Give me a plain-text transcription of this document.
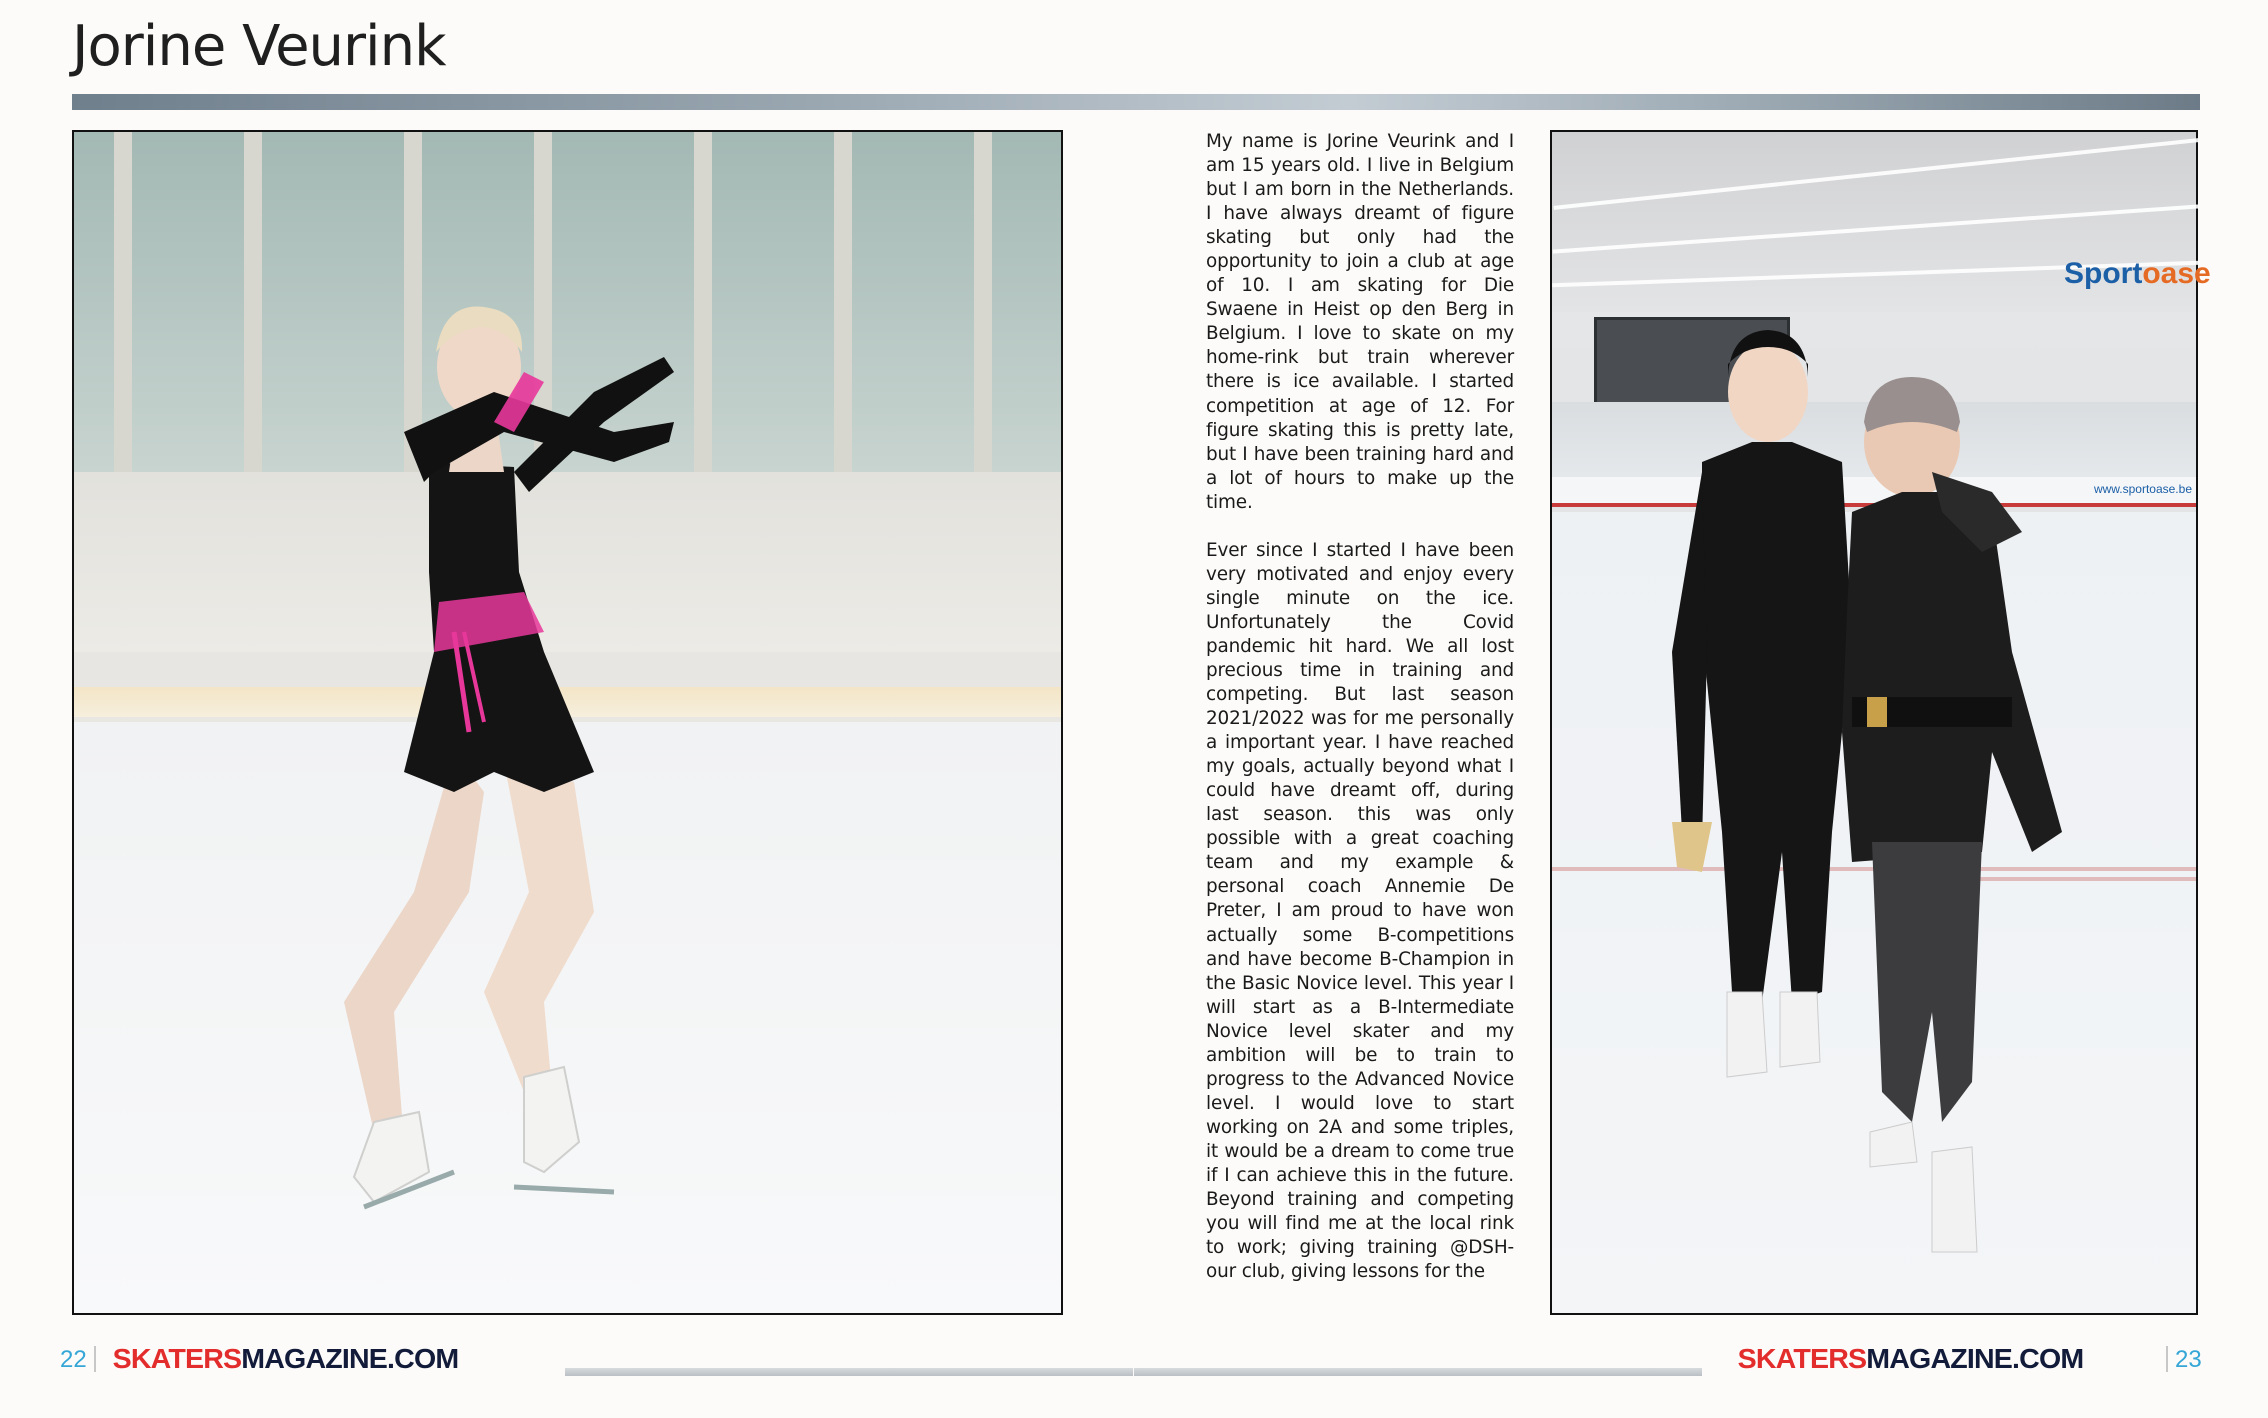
Jorine Veurink

My name is Jorine Veurink and I am 15 years old. I live in Belgium but I am born in the Netherlands. I have always dreamt of figure skating but only had the opportunity to join a club at age of 10. I am skating for Die Swaene in Heist op den Berg in Belgium. I love to skate on my home-rink but train wherever there is ice available. I started competition at age of 12. For figure skating this is pretty late, but I have been training hard and a lot of hours to make up the time.

Ever since I started I have been very motivated and enjoy every single minute on the ice. Unfortunately the Covid pandemic hit hard. We all lost precious time in training and competing. But last season 2021/2022 was for me personally a important year. I have reached my goals, actually beyond what I could have dreamt off, during last season. this was only possible with a great coaching team and my example & personal coach Annemie De Preter, I am proud to have won actually some B-competitions and have become B-Champion in the Basic Novice level. This year I will start as a B-Intermediate Novice level skater and my ambition will be to train to progress to the Advanced Novice level. I would love to start working on 2A and some triples, it would be a dream to come true if I can achieve this in the future. Beyond training and competing you will find me at the local rink to work; giving training @DSH-our club, giving lessons for the

Sportoase
www.sportoase.be
22 SKATERSMAGAZINE.COM	SKATERSMAGAZINE.COM	23
